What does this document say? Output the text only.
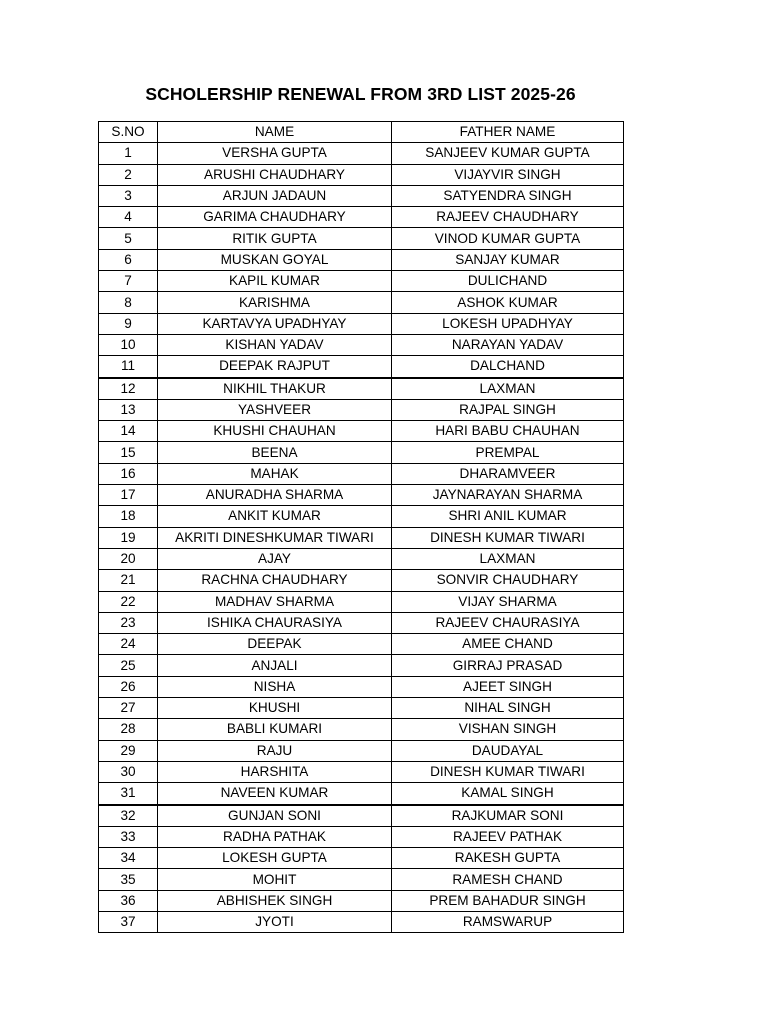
SCHOLERSHIP RENEWAL FROM 3RD LIST 2025-26
S.NO	NAME	FATHER NAME
1	VERSHA GUPTA	SANJEEV KUMAR GUPTA
2	ARUSHI CHAUDHARY	VIJAYVIR SINGH
3	ARJUN JADAUN	SATYENDRA SINGH
4	GARIMA CHAUDHARY	RAJEEV CHAUDHARY
5	RITIK GUPTA	VINOD KUMAR GUPTA
6	MUSKAN GOYAL	SANJAY KUMAR
7	KAPIL KUMAR	DULICHAND
8	KARISHMA	ASHOK KUMAR
9	KARTAVYA UPADHYAY	LOKESH UPADHYAY
10	KISHAN YADAV	NARAYAN YADAV
11	DEEPAK RAJPUT	DALCHAND
12	NIKHIL THAKUR	LAXMAN
13	YASHVEER	RAJPAL SINGH
14	KHUSHI CHAUHAN	HARI BABU CHAUHAN
15	BEENA	PREMPAL
16	MAHAK	DHARAMVEER
17	ANURADHA SHARMA	JAYNARAYAN SHARMA
18	ANKIT KUMAR	SHRI ANIL KUMAR
19	AKRITI DINESHKUMAR TIWARI	DINESH KUMAR TIWARI
20	AJAY	LAXMAN
21	RACHNA CHAUDHARY	SONVIR CHAUDHARY
22	MADHAV SHARMA	VIJAY SHARMA
23	ISHIKA CHAURASIYA	RAJEEV CHAURASIYA
24	DEEPAK	AMEE CHAND
25	ANJALI	GIRRAJ PRASAD
26	NISHA	AJEET SINGH
27	KHUSHI	NIHAL SINGH
28	BABLI KUMARI	VISHAN SINGH
29	RAJU	DAUDAYAL
30	HARSHITA	DINESH KUMAR TIWARI
31	NAVEEN KUMAR	KAMAL SINGH
32	GUNJAN SONI	RAJKUMAR SONI
33	RADHA PATHAK	RAJEEV PATHAK
34	LOKESH GUPTA	RAKESH GUPTA
35	MOHIT	RAMESH CHAND
36	ABHISHEK SINGH	PREM BAHADUR SINGH
37	JYOTI	RAMSWARUP
